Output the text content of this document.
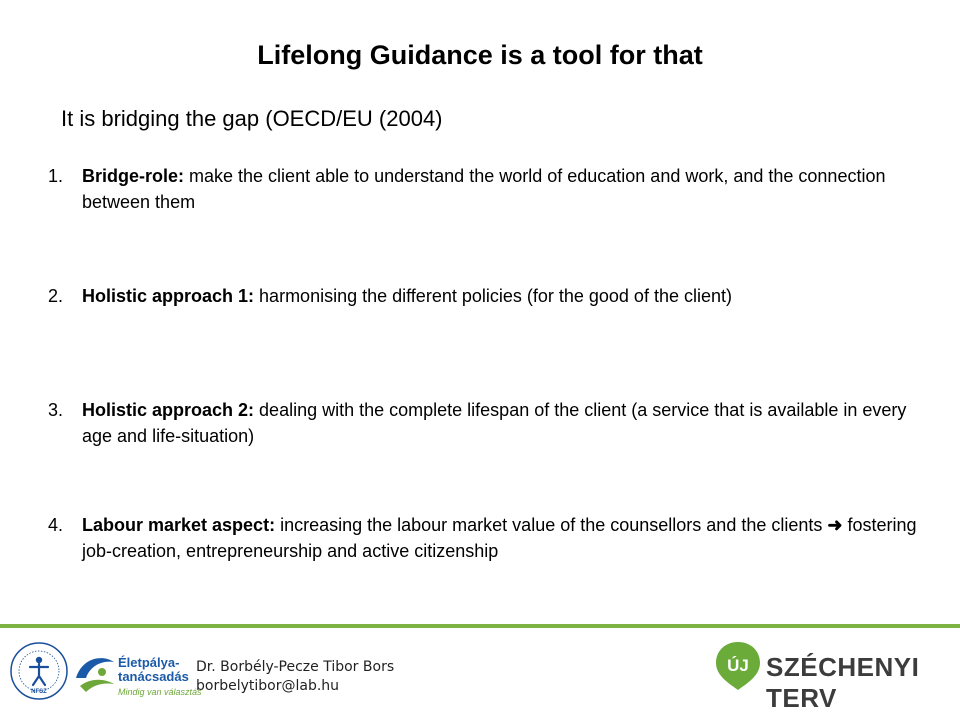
Lifelong Guidance is a tool for that
It is bridging the gap (OECD/EU (2004)
1.	Bridge-role: make the client able to understand the world of education and work, and the connection between them
2.	Holistic approach 1: harmonising the different policies (for the good of the client)
3.	Holistic approach 2: dealing with the complete lifespan of the client (a service that is available in every age and life-situation)
4.	Labour market aspect: increasing the labour market value of the counsellors and the clients ➜ fostering job-creation, entrepreneurship and active citizenship
NFSZ
Életpálya-
tanácsadás
Mindig van választás
Dr. Borbély-Pecze Tibor Bors
borbelytibor@lab.hu
ÚJ SZÉCHENYI TERV
